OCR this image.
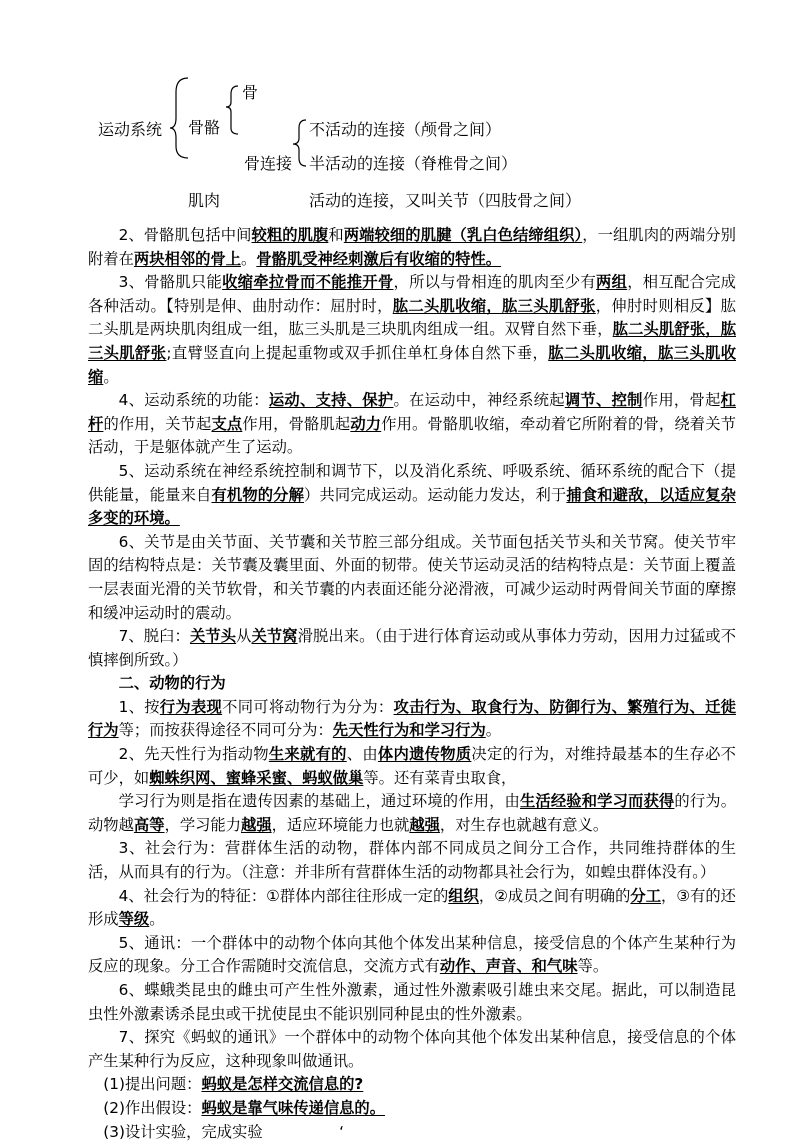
运动系统 骨骼
骨
骨连接
不活动的连接（颅骨之间）
半活动的连接（脊椎骨之间）
肌肉	活动的连接，又叫关节（四肢骨之间）

2、骨骼肌包括中间较粗的肌腹和两端较细的肌腱（乳白色结缔组织），一组肌肉的两端分别附着在两块相邻的骨上。骨骼肌受神经刺激后有收缩的特性。

3、骨骼肌只能收缩牵拉骨而不能推开骨，所以与骨相连的肌肉至少有两组，相互配合完成各种活动。【特别是伸、曲肘动作：屈肘时，肱二头肌收缩，肱三头肌舒张，伸肘时则相反】肱二头肌是两块肌肉组成一组，肱三头肌是三块肌肉组成一组。双臂自然下垂，肱二头肌舒张，肱三头肌舒张;直臂竖直向上提起重物或双手抓住单杠身体自然下垂，肱二头肌收缩，肱三头肌收缩。

4、运动系统的功能：运动、支持、保护。在运动中，神经系统起调节、控制作用，骨起杠杆的作用，关节起支点作用，骨骼肌起动力作用。骨骼肌收缩，牵动着它所附着的骨，绕着关节活动，于是躯体就产生了运动。

5、运动系统在神经系统控制和调节下，以及消化系统、呼吸系统、循环系统的配合下（提供能量，能量来自有机物的分解）共同完成运动。运动能力发达，利于捕食和避敌，以适应复杂多变的环境。

6、关节是由关节面、关节囊和关节腔三部分组成。关节面包括关节头和关节窝。使关节牢固的结构特点是：关节囊及囊里面、外面的韧带。使关节运动灵活的结构特点是：关节面上覆盖一层表面光滑的关节软骨，和关节囊的内表面还能分泌滑液，可减少运动时两骨间关节面的摩擦和缓冲运动时的震动。

7、脱臼：关节头从关节窝滑脱出来。（由于进行体育运动或从事体力劳动，因用力过猛或不慎摔倒所致。）

二、动物的行为

1、按行为表现不同可将动物行为分为：攻击行为、取食行为、防御行为、繁殖行为、迁徙行为等；而按获得途径不同可分为：先天性行为和学习行为。

2、先天性行为指动物生来就有的、由体内遗传物质决定的行为，对维持最基本的生存必不可少，如蜘蛛织网、蜜蜂采蜜、蚂蚁做巢等。还有菜青虫取食，

学习行为则是指在遗传因素的基础上，通过环境的作用，由生活经验和学习而获得的行为。动物越高等，学习能力越强，适应环境能力也就越强，对生存也就越有意义。

3、社会行为：营群体生活的动物，群体内部不同成员之间分工合作，共同维持群体的生活，从而具有的行为。（注意：并非所有营群体生活的动物都具社会行为，如蝗虫群体没有。）

4、社会行为的特征：①群体内部往往形成一定的组织，②成员之间有明确的分工，③有的还形成等级。

5、通讯：一个群体中的动物个体向其他个体发出某种信息，接受信息的个体产生某种行为反应的现象。分工合作需随时交流信息，交流方式有动作、声音、和气味等。

6、蝶蛾类昆虫的雌虫可产生性外激素，通过性外激素吸引雄虫来交尾。据此，可以制造昆虫性外激素诱杀昆虫或干扰使昆虫不能识别同种昆虫的性外激素。

7、探究《蚂蚁的通讯》一个群体中的动物个体向其他个体发出某种信息，接受信息的个体产生某种行为反应，这种现象叫做通讯。

(1)提出问题：蚂蚁是怎样交流信息的?

(2)作出假设：蚂蚁是靠气味传递信息的。

(3)设计实验，完成实验　　　　　‘
